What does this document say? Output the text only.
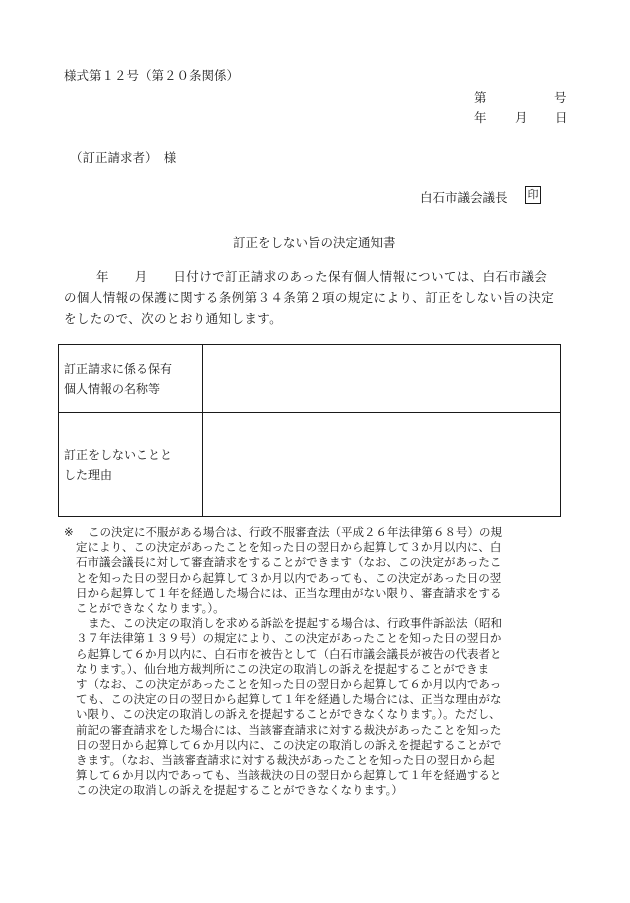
様式第１２号（第２０条関係）
第	号
年 月 日
（訂正請求者）　様
白石市議会議長 印
訂正をしない旨の決定通知書

年　　月　　日付けで訂正請求のあった保有個人情報については、白石市議会

の個人情報の保護に関する条例第３４条第２項の規定により、訂正をしない旨の決定

をしたので、次のとおり通知します。

訂正請求に係る保有
個人情報の名称等	

訂正をしないことと
した理由	

※	この決定に不服がある場合は、行政不服審査法（平成２６年法律第６８号）の規

定により、この決定があったことを知った日の翌日から起算して３か月以内に、白

石市議会議長に対して審査請求をすることができます（なお、この決定があったこ

とを知った日の翌日から起算して３か月以内であっても、この決定があった日の翌

日から起算して１年を経過した場合には、正当な理由がない限り、審査請求をする

ことができなくなります。）。

また、この決定の取消しを求める訴訟を提起する場合は、行政事件訴訟法（昭和

３７年法律第１３９号）の規定により、この決定があったことを知った日の翌日か

ら起算して６か月以内に、白石市を被告として（白石市議会議長が被告の代表者と

なります。）、仙台地方裁判所にこの決定の取消しの訴えを提起することができま

す（なお、この決定があったことを知った日の翌日から起算して６か月以内であっ

ても、この決定の日の翌日から起算して１年を経過した場合には、正当な理由がな

い限り、この決定の取消しの訴えを提起することができなくなります。）。ただし、

前記の審査請求をした場合には、当該審査請求に対する裁決があったことを知った

日の翌日から起算して６か月以内に、この決定の取消しの訴えを提起することがで

きます。（なお、当該審査請求に対する裁決があったことを知った日の翌日から起

算して６か月以内であっても、当該裁決の日の翌日から起算して１年を経過すると

この決定の取消しの訴えを提起することができなくなります。）
